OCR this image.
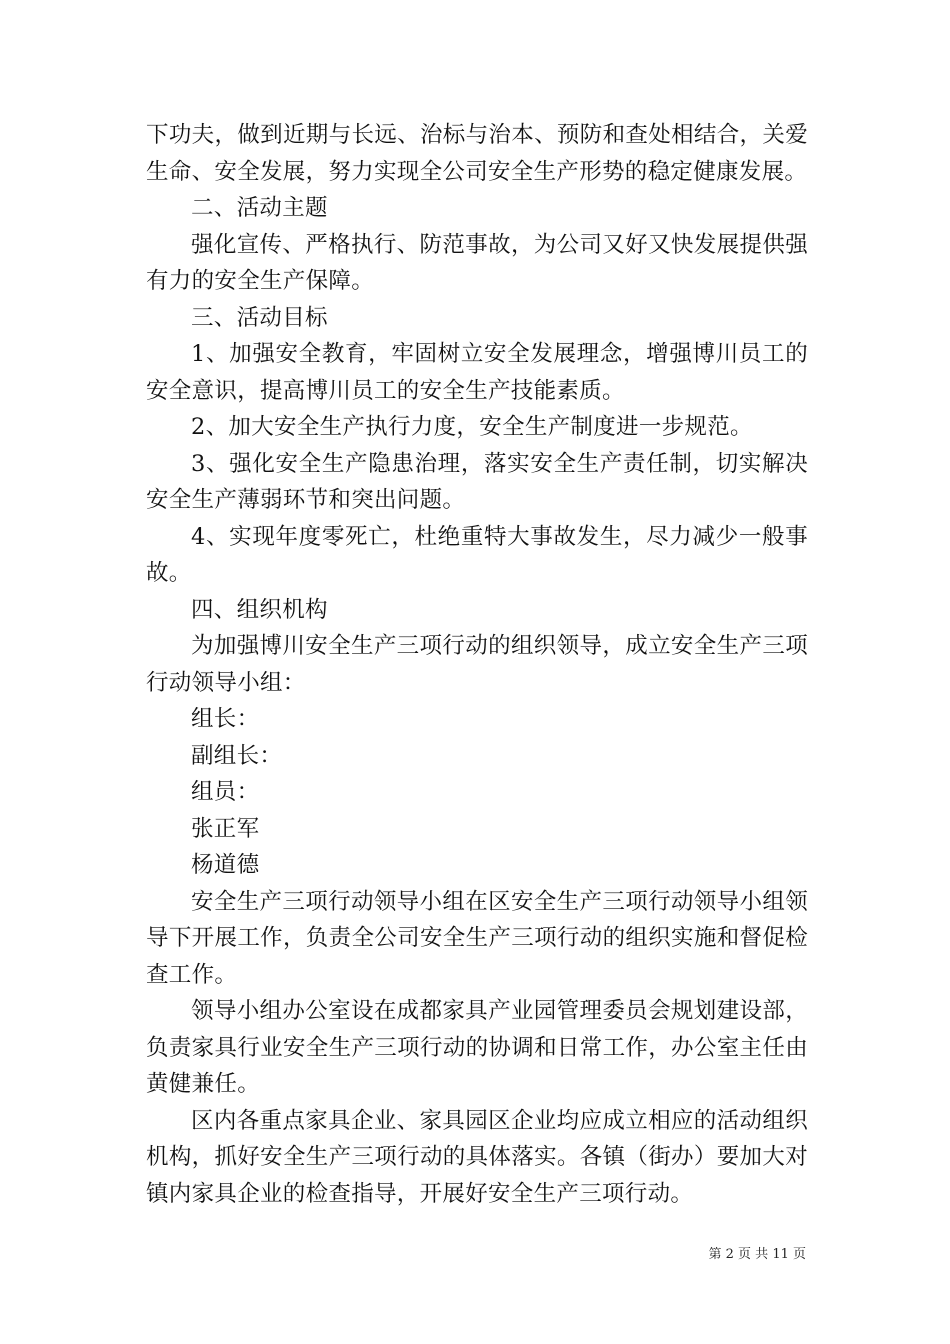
下功夫，做到近期与长远、治标与治本、预防和查处相结合，关爱生命、安全发展，努力实现全公司安全生产形势的稳定健康发展。

二、活动主题

强化宣传、严格执行、防范事故，为公司又好又快发展提供强有力的安全生产保障。

三、活动目标

1、加强安全教育，牢固树立安全发展理念，增强博川员工的安全意识，提高博川员工的安全生产技能素质。

2、加大安全生产执行力度，安全生产制度进一步规范。

3、强化安全生产隐患治理，落实安全生产责任制，切实解决安全生产薄弱环节和突出问题。

4、实现年度零死亡，杜绝重特大事故发生，尽力减少一般事故。

四、组织机构

为加强博川安全生产三项行动的组织领导，成立安全生产三项行动领导小组：

组长：

副组长：

组员：

张正军

杨道德

安全生产三项行动领导小组在区安全生产三项行动领导小组领导下开展工作，负责全公司安全生产三项行动的组织实施和督促检查工作。

领导小组办公室设在成都家具产业园管理委员会规划建设部，负责家具行业安全生产三项行动的协调和日常工作，办公室主任由黄健兼任。

区内各重点家具企业、家具园区企业均应成立相应的活动组织机构，抓好安全生产三项行动的具体落实。各镇（街办）要加大对镇内家具企业的检查指导，开展好安全生产三项行动。

第 2 页 共 11 页
